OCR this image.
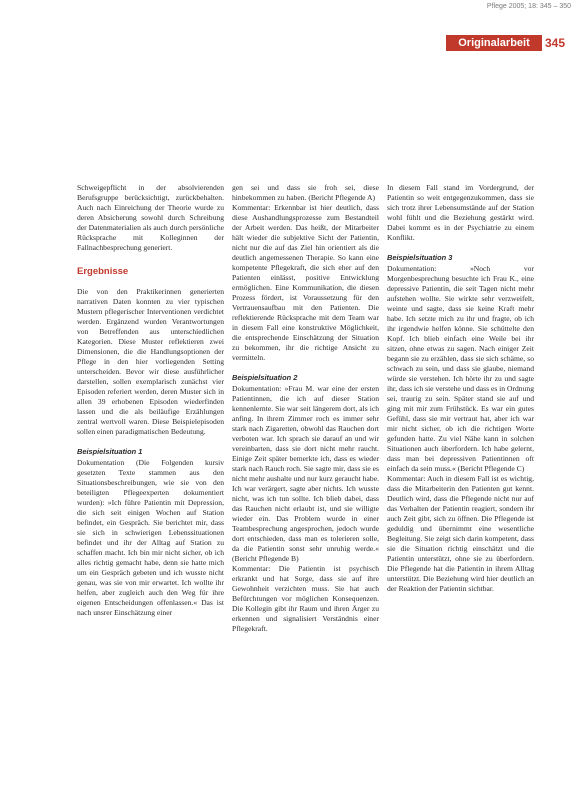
Pflege 2005; 18: 345 – 350
Originalarbeit	345

Schweigepflicht in der absolvierenden Berufsgruppe berücksichtigt, zurückbehalten. Auch nach Einreichung der Theorie wurde zu deren Absicherung sowohl durch Schreibung der Datenmaterialien als auch durch persönliche Rücksprache mit Kolleginnen der Fallnachbesprechung generiert.

Ergebnisse

Die von den Praktikerinnen generierten narrativen Daten konnten zu vier typischen Mustern pflegerischer Interventionen verdichtet werden. Ergänzend wurden Verantwortungen von Betreffenden aus unterschiedlichen Kategorien. Diese Muster reflektieren zwei Dimensionen, die die Handlungsoptionen der Pflege in den hier vorliegenden Setting unterscheiden. Bevor wir diese ausführlicher darstellen, sollen exemplarisch zunächst vier Episoden referiert werden, deren Muster sich in allen 39 erhobenen Episoden wiederfinden lassen und die als beiläufige Erzählungen zentral wertvoll waren. Diese Beispielepisoden sollen einen paradigmatischen Bedeutung.

Beispielsituation 1

Dokumentation (Die Folgenden kursiv gesetzten Texte stammen aus den Situationsbeschreibungen, wie sie von den beteiligten Pflegeexperten dokumentiert wurden): »Ich führe Patientin mit Depression, die sich seit einigen Wochen auf Station befindet, ein Gespräch. Sie berichtet mir, dass sie sich in schwierigen Lebenssituationen befindet und ihr der Alltag auf Station zu schaffen macht. Ich bin mir nicht sicher, ob ich alles richtig gemacht habe, denn sie hatte mich um ein Gespräch gebeten und ich wusste nicht genau, was sie von mir erwartet. Ich wollte ihr helfen, aber zugleich auch den Weg für ihre eigenen Entscheidungen offenlassen.« Das ist nach unsrer Einschätzung einer

gen sei und dass sie froh sei, diese hinbekommen zu haben. (Bericht Pflegende A)

Kommentar: Erkennbar ist hier deutlich, dass diese Aushandlungsprozesse zum Bestandteil der Arbeit werden. Das heißt, der Mitarbeiter hält wieder die subjektive Sicht der Patientin, nicht nur die auf das Ziel hin orientiert als die deutlich angemessenen Therapie. So kann eine kompetente Pflegekraft, die sich eher auf den Patienten einlässt, positive Entwicklung ermöglichen. Eine Kommunikation, die diesen Prozess fördert, ist Voraussetzung für den Vertrauensaufbau mit den Patienten. Die reflektierende Rücksprache mit dem Team war in diesem Fall eine konstruktive Möglichkeit, die entsprechende Einschätzung der Situation zu bekommen, ihr die richtige Ansicht zu vermitteln.

Beispielsituation 2

Dokumentation: »Frau M. war eine der ersten Patientinnen, die ich auf dieser Station kennenlernte. Sie war seit längerem dort, als ich anfing. In ihrem Zimmer roch es immer sehr stark nach Zigaretten, obwohl das Rauchen dort verboten war. Ich sprach sie darauf an und wir vereinbarten, dass sie dort nicht mehr raucht. Einige Zeit später bemerkte ich, dass es wieder stark nach Rauch roch. Sie sagte mir, dass sie es nicht mehr aushalte und nur kurz geraucht habe. Ich war verärgert, sagte aber nichts. Ich wusste nicht, was ich tun sollte. Ich blieb dabei, dass das Rauchen nicht erlaubt ist, und sie willigte wieder ein. Das Problem wurde in einer Teambesprechung angesprochen, jedoch wurde dort entschieden, dass man es tolerieren solle, da die Patientin sonst sehr unruhig werde.« (Bericht Pflegende B)

Kommentar: Die Patientin ist psychisch erkrankt und hat Sorge, dass sie auf ihre Gewohnheit verzichten muss. Sie hat auch Befürchtungen vor möglichen Konsequenzen. Die Kollegin gibt ihr Raum und ihren Ärger zu erkennen und signalisiert Verständnis einer Pflegekraft.

In diesem Fall stand im Vordergrund, der Patientin so weit entgegenzukommen, dass sie sich trotz ihrer Lebensumstände auf der Station wohl fühlt und die Beziehung gestärkt wird. Dabei kommt es in der Psychiatrie zu einem Konflikt.

Beispielsituation 3

Dokumentation: »Noch vor Morgenbesprechung besuchte ich Frau K., eine depressive Patientin, die seit Tagen nicht mehr aufstehen wollte. Sie wirkte sehr verzweifelt, weinte und sagte, dass sie keine Kraft mehr habe. Ich setzte mich zu ihr und fragte, ob ich ihr irgendwie helfen könne. Sie schüttelte den Kopf. Ich blieb einfach eine Weile bei ihr sitzen, ohne etwas zu sagen. Nach einiger Zeit begann sie zu erzählen, dass sie sich schäme, so schwach zu sein, und dass sie glaube, niemand würde sie verstehen. Ich hörte ihr zu und sagte ihr, dass ich sie verstehe und dass es in Ordnung sei, traurig zu sein. Später stand sie auf und ging mit mir zum Frühstück. Es war ein gutes Gefühl, dass sie mir vertraut hat, aber ich war mir nicht sicher, ob ich die richtigen Worte gefunden hatte. Zu viel Nähe kann in solchen Situationen auch überfordern. Ich habe gelernt, dass man bei depressiven Patientinnen oft einfach da sein muss.« (Bericht Pflegende C)

Kommentar: Auch in diesem Fall ist es wichtig, dass die Mitarbeiterin den Patienten gut kennt. Deutlich wird, dass die Pflegende nicht nur auf das Verhalten der Patientin reagiert, sondern ihr auch Zeit gibt, sich zu öffnen. Die Pflegende ist geduldig und übernimmt eine wesentliche Begleitung. Sie zeigt sich darin kompetent, dass sie die Situation richtig einschätzt und die Patientin unterstützt, ohne sie zu überfordern. Die Pflegende hat die Patientin in ihrem Alltag unterstützt. Die Beziehung wird hier deutlich an der Reaktion der Patientin sichtbar.
